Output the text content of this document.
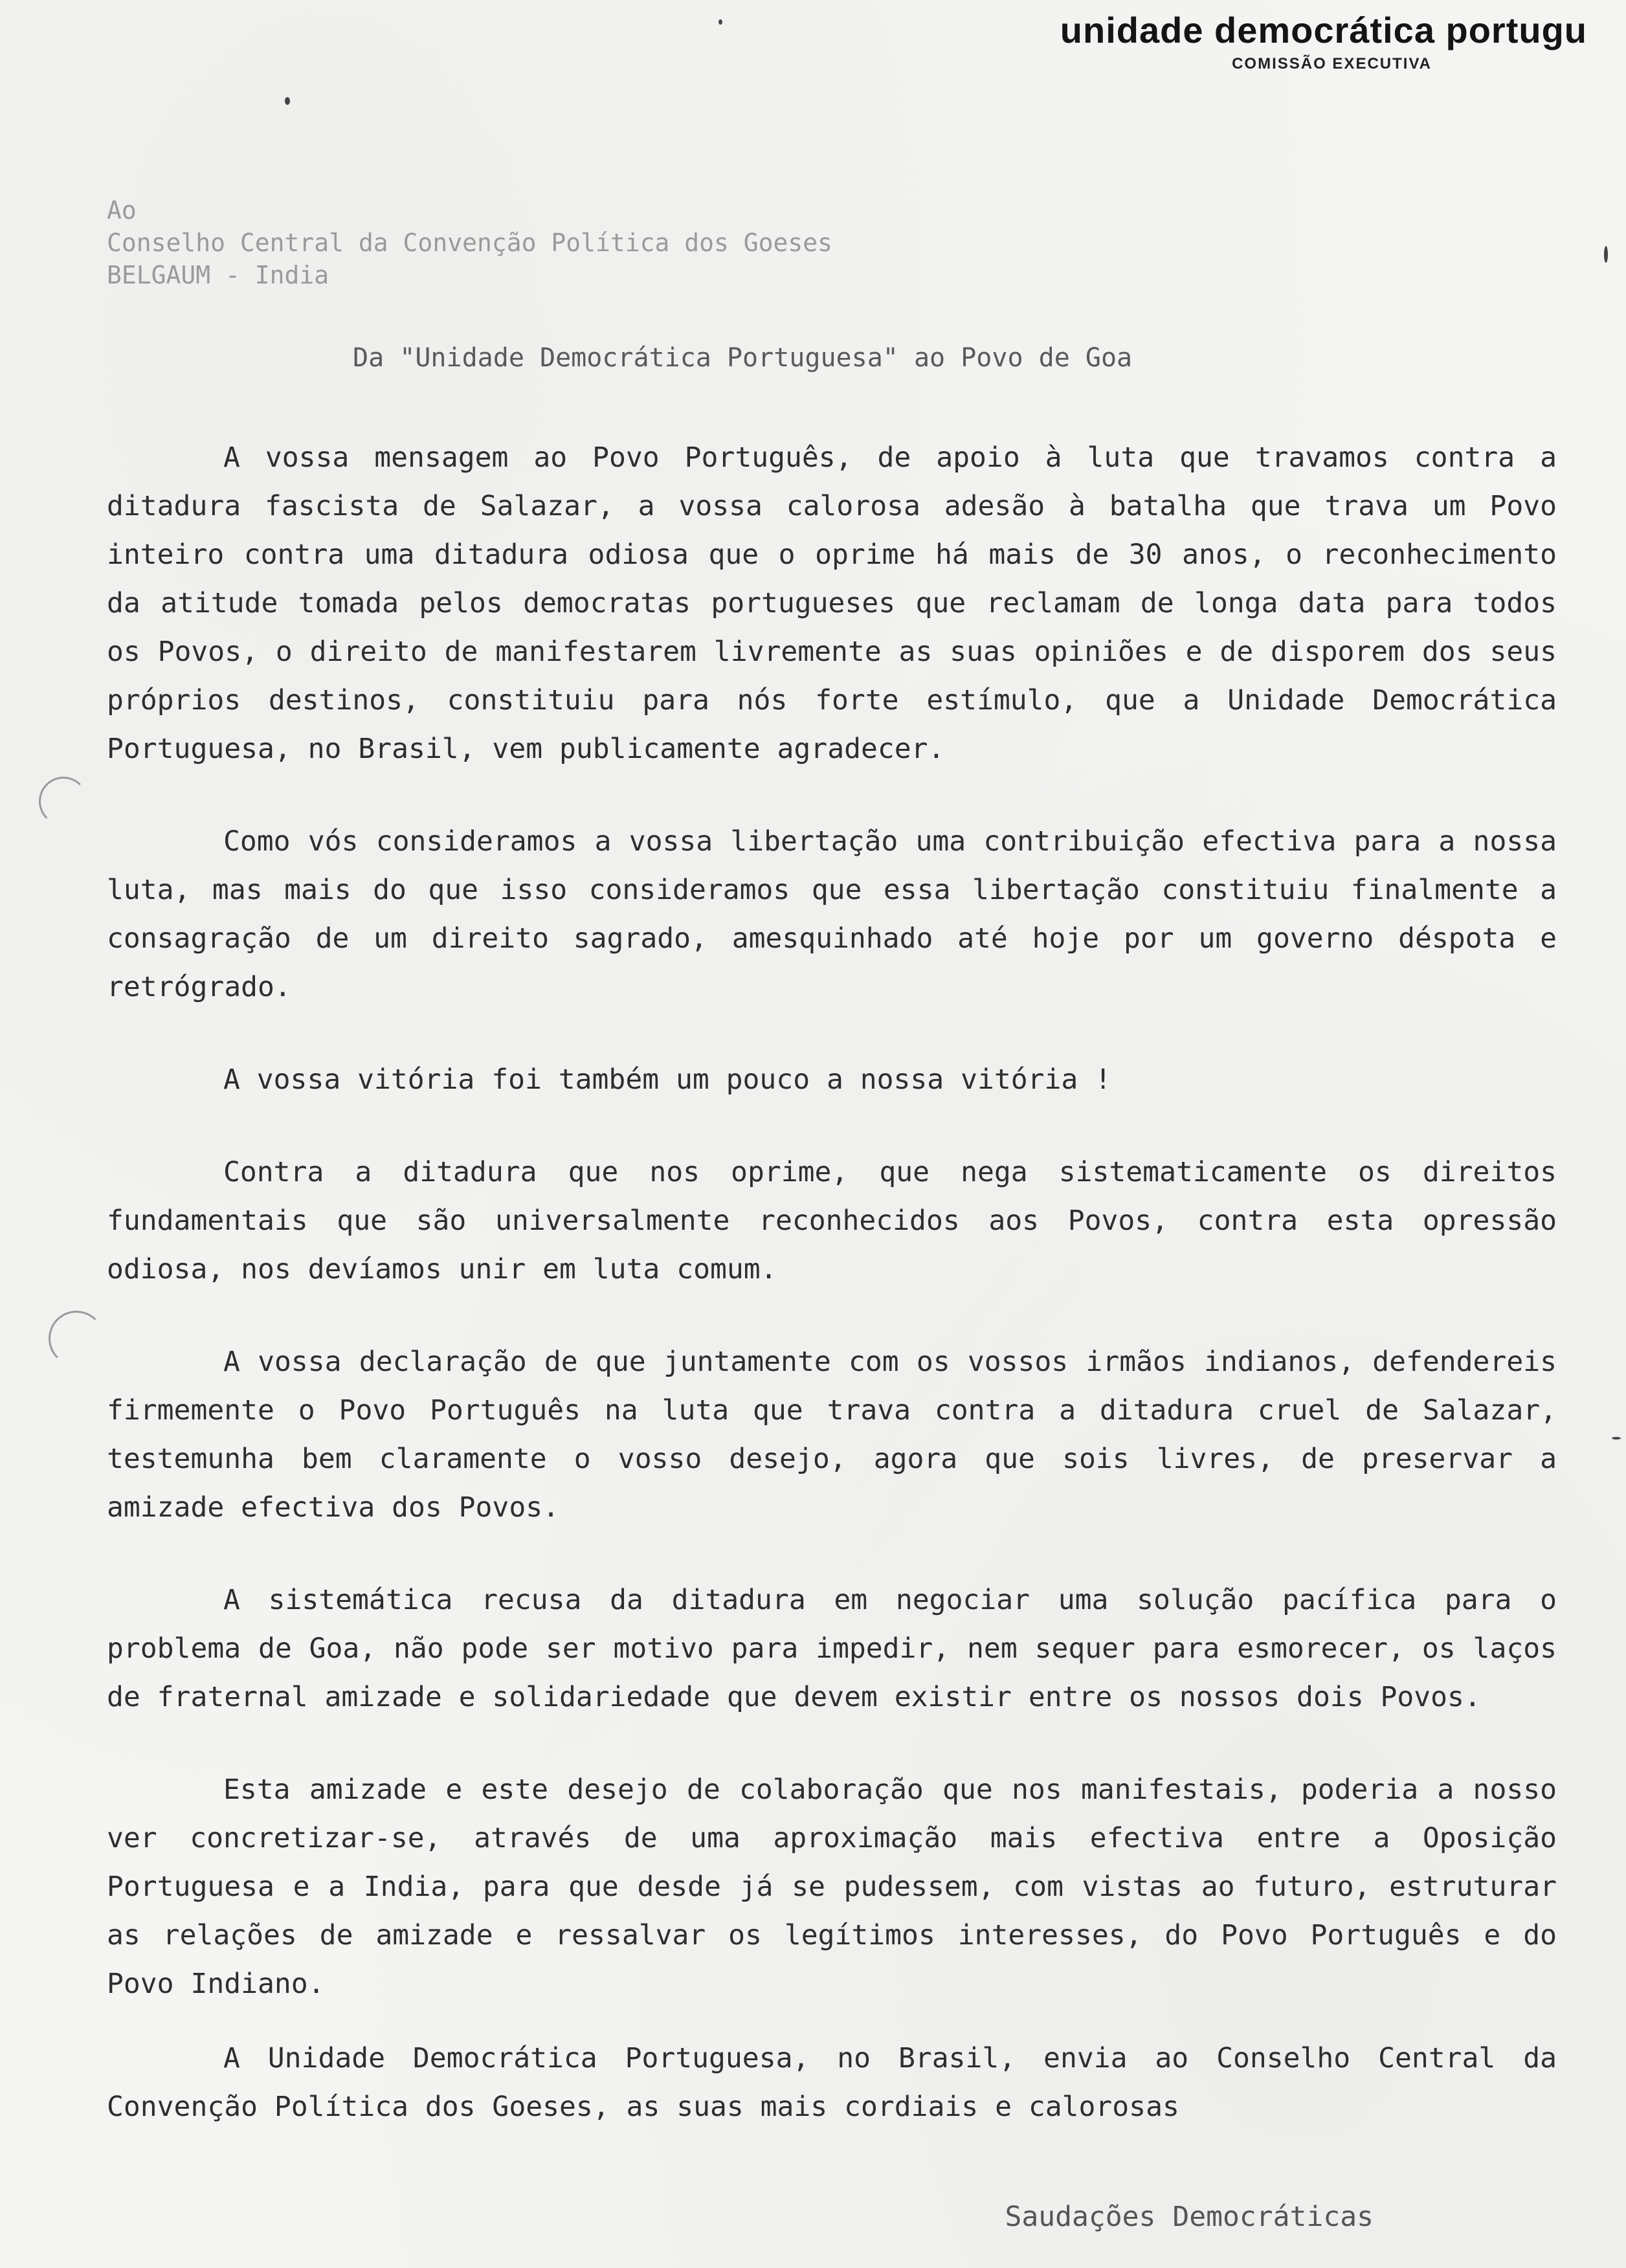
unidade democrática portugu
COMISSÃO EXECUTIVA
Ao
Conselho Central da Convenção Política dos Goeses
BELGAUM - India
Da "Unidade Democrática Portuguesa" ao Povo de Goa

A vossa mensagem ao Povo Português, de apoio à luta que travamos contra a ditadura fascista de Salazar, a vossa calorosa adesão à batalha que trava um Povo inteiro contra uma ditadura odiosa que o oprime há mais de 30 anos, o reconhecimento da atitude tomada pelos democratas portugueses que reclamam de longa data para todos os Povos, o direito de manifestarem livremente as suas opiniões e de disporem dos seus próprios destinos, constituiu para nós forte estímulo, que a Unidade Democrática Portuguesa, no Brasil, vem publicamente agradecer.

Como vós consideramos a vossa libertação uma contribuição efectiva para a nossa luta, mas mais do que isso consideramos que essa libertação constituiu finalmente a consagração de um direito sagrado, amesquinhado até hoje por um governo déspota e retrógrado.

A vossa vitória foi também um pouco a nossa vitória !

Contra a ditadura que nos oprime, que nega sistematicamente os direitos fundamentais que são universalmente reconhecidos aos Povos, contra esta opressão odiosa, nos devíamos unir em luta comum.

A vossa declaração de que juntamente com os vossos irmãos indianos, defendereis firmemente o Povo Português na luta que trava contra a ditadura cruel de Salazar, testemunha bem claramente o vosso desejo, agora que sois livres, de preservar a amizade efectiva dos Povos.

A sistemática recusa da ditadura em negociar uma solução pacífica para o problema de Goa, não pode ser motivo para impedir, nem sequer para esmorecer, os laços de fraternal amizade e solidariedade que devem existir entre os nossos dois Povos.

Esta amizade e este desejo de colaboração que nos manifestais, poderia a nosso ver concretizar-se, através de uma aproximação mais efectiva entre a Oposição Portuguesa e a India, para que desde já se pudessem, com vistas ao futuro, estruturar as relações de amizade e ressalvar os legítimos interesses, do Povo Português e do Povo Indiano.

A Unidade Democrática Portuguesa, no Brasil, envia ao Conselho Central da Convenção Política dos Goeses, as suas mais cordiais e calorosas

Saudações Democráticas
